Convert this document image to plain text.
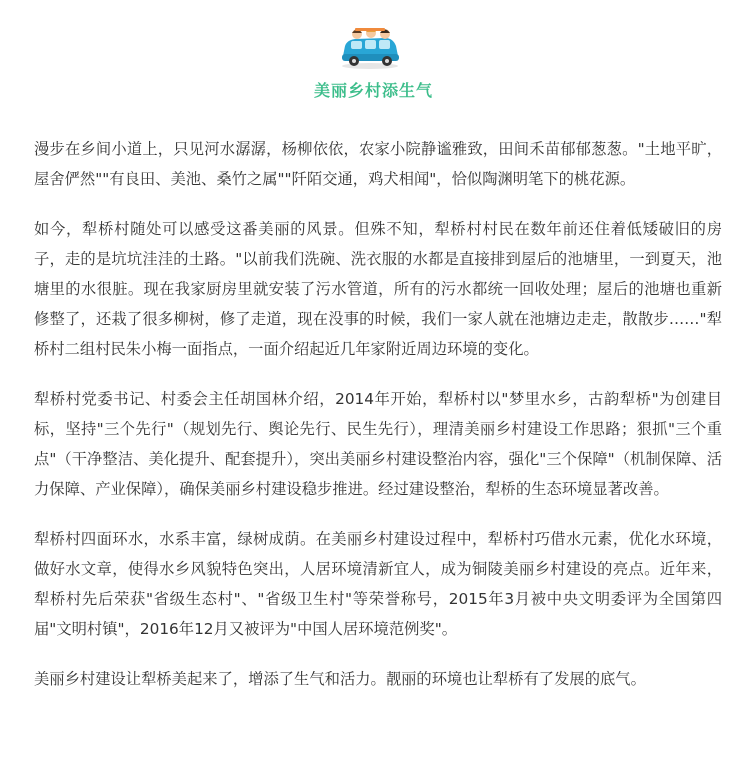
美丽乡村添生气

漫步在乡间小道上，只见河水潺潺，杨柳依依，农家小院静谧雅致，田间禾苗郁郁葱葱。"土地平旷，屋舍俨然""有良田、美池、桑竹之属""阡陌交通，鸡犬相闻"，恰似陶渊明笔下的桃花源。

如今，犁桥村随处可以感受这番美丽的风景。但殊不知，犁桥村村民在数年前还住着低矮破旧的房子，走的是坑坑洼洼的土路。"以前我们洗碗、洗衣服的水都是直接排到屋后的池塘里，一到夏天，池塘里的水很脏。现在我家厨房里就安装了污水管道，所有的污水都统一回收处理；屋后的池塘也重新修整了，还栽了很多柳树，修了走道，现在没事的时候，我们一家人就在池塘边走走，散散步……"犁桥村二组村民朱小梅一面指点，一面介绍起近几年家附近周边环境的变化。

犁桥村党委书记、村委会主任胡国林介绍，2014年开始，犁桥村以"梦里水乡，古韵犁桥"为创建目标，坚持"三个先行"（规划先行、舆论先行、民生先行），理清美丽乡村建设工作思路；狠抓"三个重点"（干净整洁、美化提升、配套提升），突出美丽乡村建设整治内容，强化"三个保障"（机制保障、活力保障、产业保障），确保美丽乡村建设稳步推进。经过建设整治，犁桥的生态环境显著改善。

犁桥村四面环水，水系丰富，绿树成荫。在美丽乡村建设过程中，犁桥村巧借水元素，优化水环境，做好水文章，使得水乡风貌特色突出，人居环境清新宜人，成为铜陵美丽乡村建设的亮点。近年来，犁桥村先后荣获"省级生态村"、"省级卫生村"等荣誉称号，2015年3月被中央文明委评为全国第四届"文明村镇"，2016年12月又被评为"中国人居环境范例奖"。

美丽乡村建设让犁桥美起来了，增添了生气和活力。靓丽的环境也让犁桥有了发展的底气。
